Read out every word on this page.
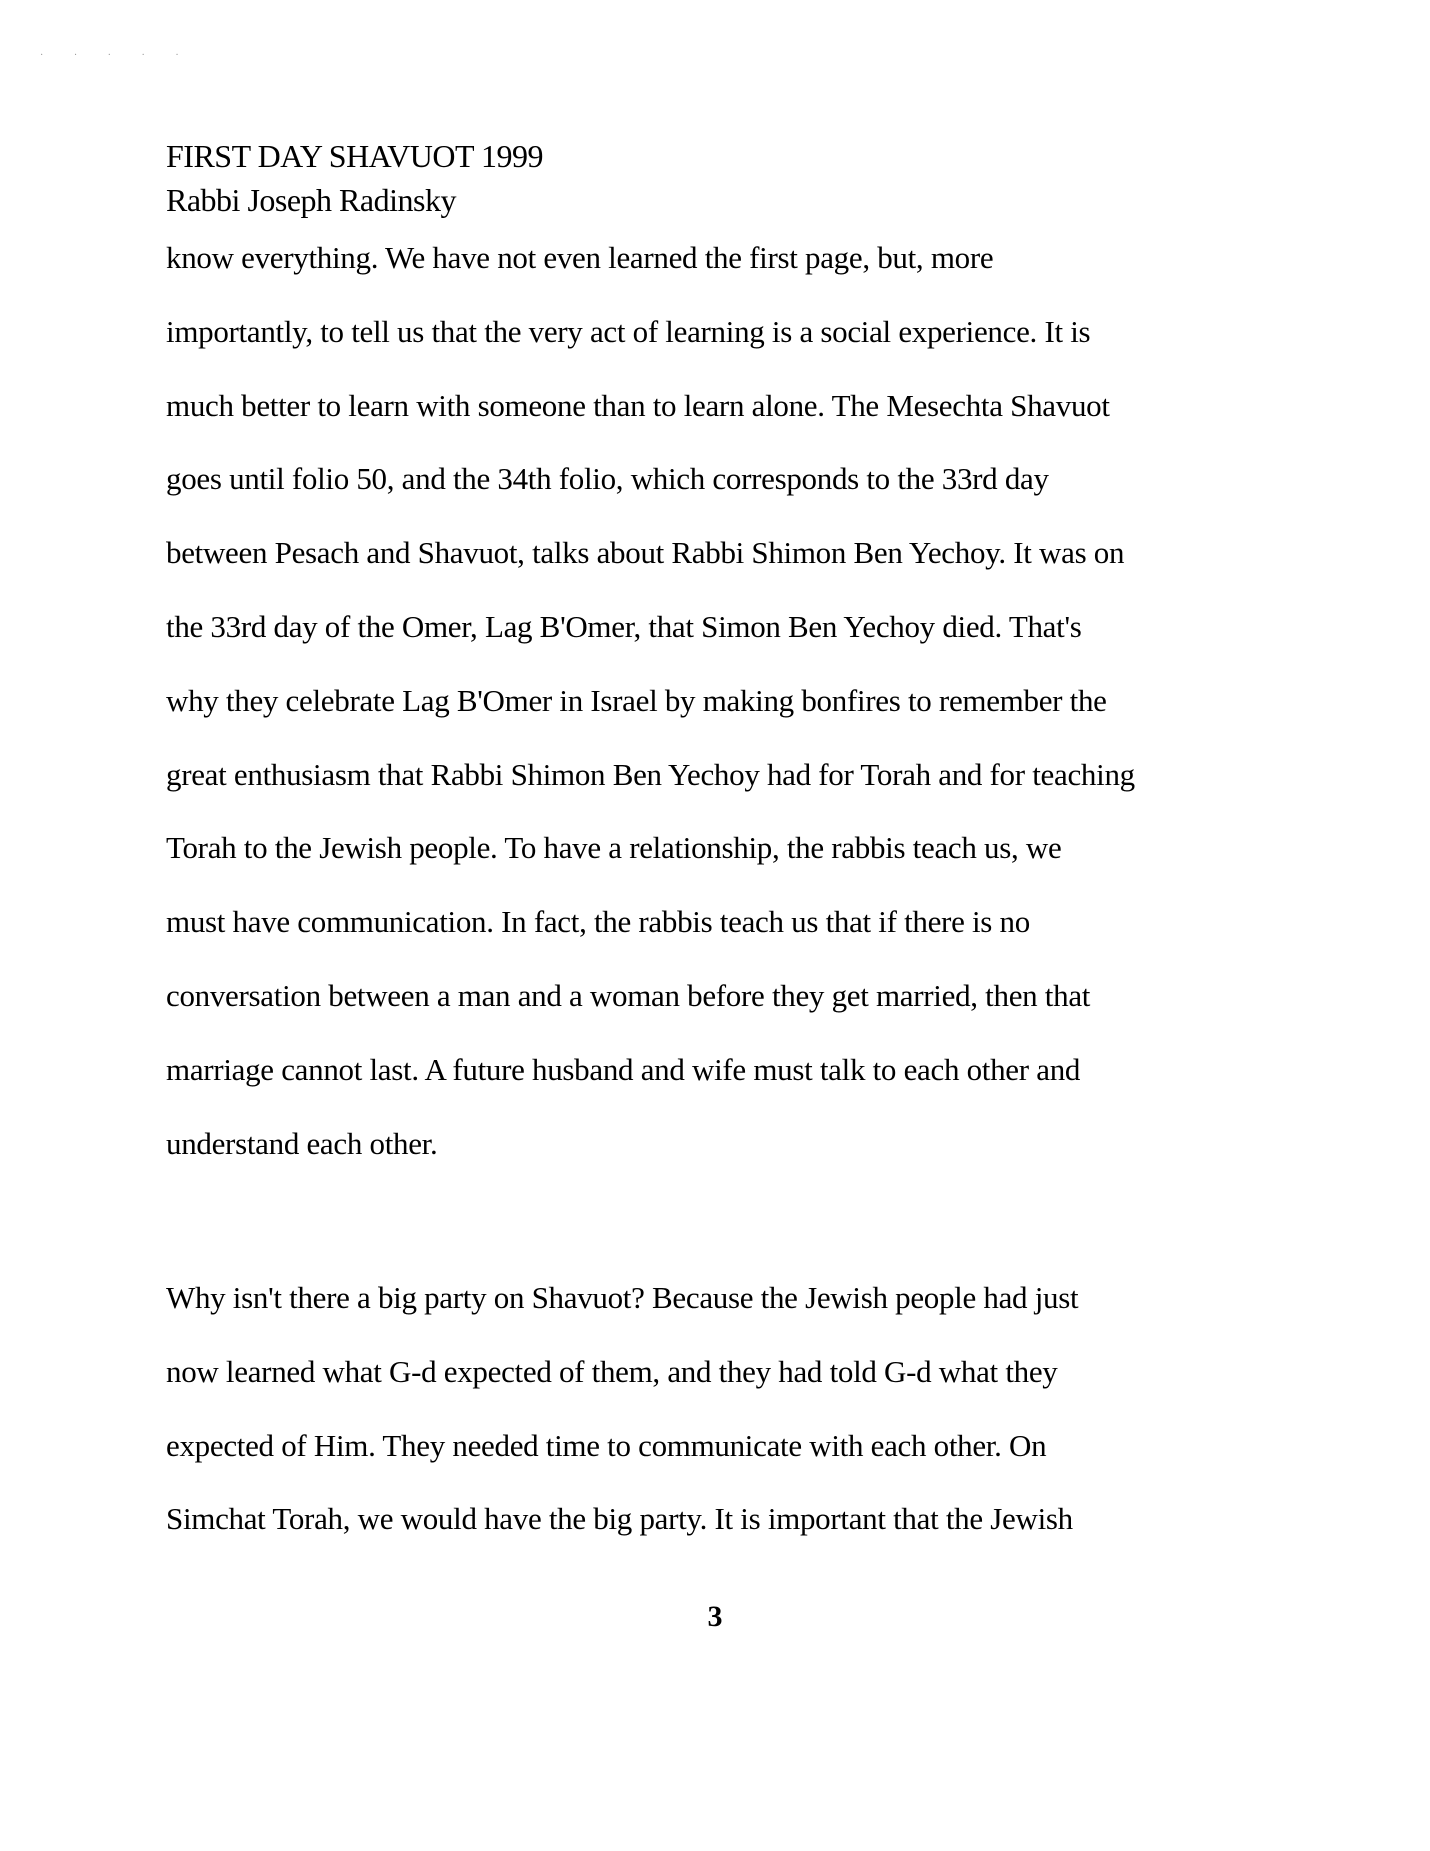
· · · · ·
FIRST DAY SHAVUOT 1999
Rabbi Joseph Radinsky
know everything. We have not even learned the first page, but, more
importantly, to tell us that the very act of learning is a social experience. It is
much better to learn with someone than to learn alone. The Mesechta Shavuot
goes until folio 50, and the 34th folio, which corresponds to the 33rd day
between Pesach and Shavuot, talks about Rabbi Shimon Ben Yechoy. It was on
the 33rd day of the Omer, Lag B'Omer, that Simon Ben Yechoy died. That's
why they celebrate Lag B'Omer in Israel by making bonfires to remember the
great enthusiasm that Rabbi Shimon Ben Yechoy had for Torah and for teaching
Torah to the Jewish people. To have a relationship, the rabbis teach us, we
must have communication. In fact, the rabbis teach us that if there is no
conversation between a man and a woman before they get married, then that
marriage cannot last. A future husband and wife must talk to each other and
understand each other.
Why isn't there a big party on Shavuot? Because the Jewish people had just
now learned what G-d expected of them, and they had told G-d what they
expected of Him. They needed time to communicate with each other. On
Simchat Torah, we would have the big party. It is important that the Jewish
3
